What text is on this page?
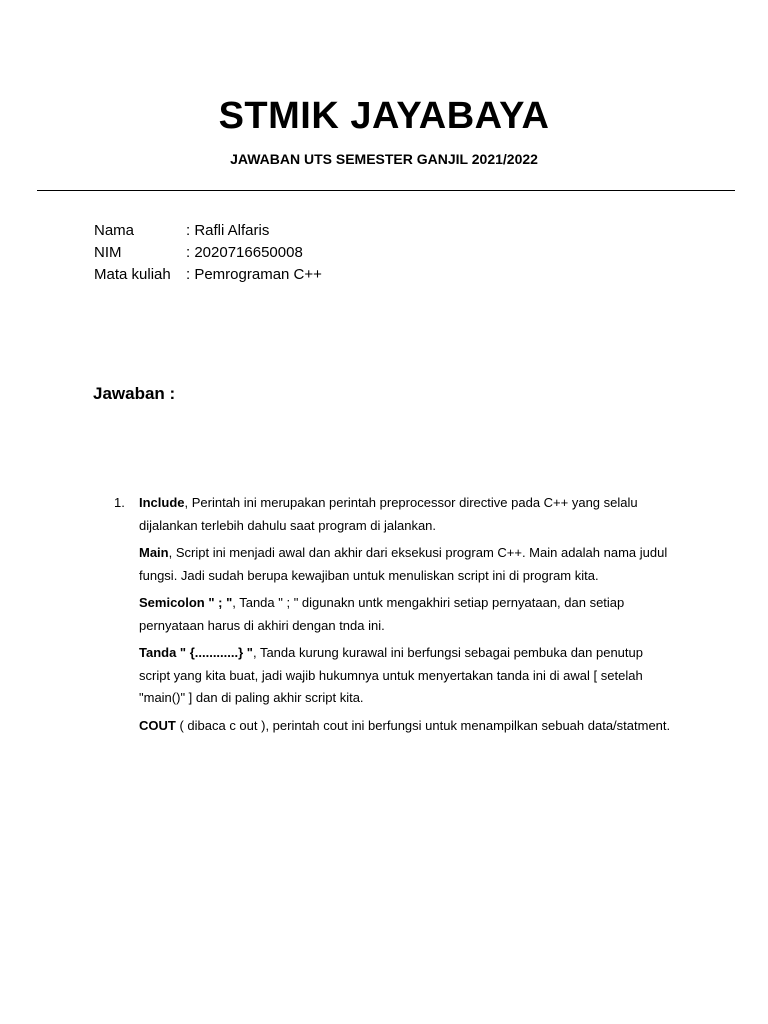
STMIK JAYABAYA
JAWABAN UTS SEMESTER GANJIL 2021/2022
Nama	: Rafli Alfaris
NIM	: 2020716650008
Mata kuliah	: Pemrograman C++
Jawaban :
1.	Include, Perintah ini merupakan perintah preprocessor directive pada C++ yang selalu dijalankan terlebih dahulu saat program di jalankan.

Main, Script ini menjadi awal dan akhir dari eksekusi program C++. Main adalah nama judul fungsi. Jadi sudah berupa kewajiban untuk menuliskan script ini di program kita.

Semicolon " ; ", Tanda " ; " digunakn untk mengakhiri setiap pernyataan, dan setiap pernyataan harus di akhiri dengan tnda ini.

Tanda " {............} ", Tanda kurung kurawal ini berfungsi sebagai pembuka dan penutup script yang kita buat, jadi wajib hukumnya untuk menyertakan tanda ini di awal [ setelah "main()" ] dan di paling akhir script kita.

COUT ( dibaca c out ), perintah cout ini berfungsi untuk menampilkan sebuah data/statment.
